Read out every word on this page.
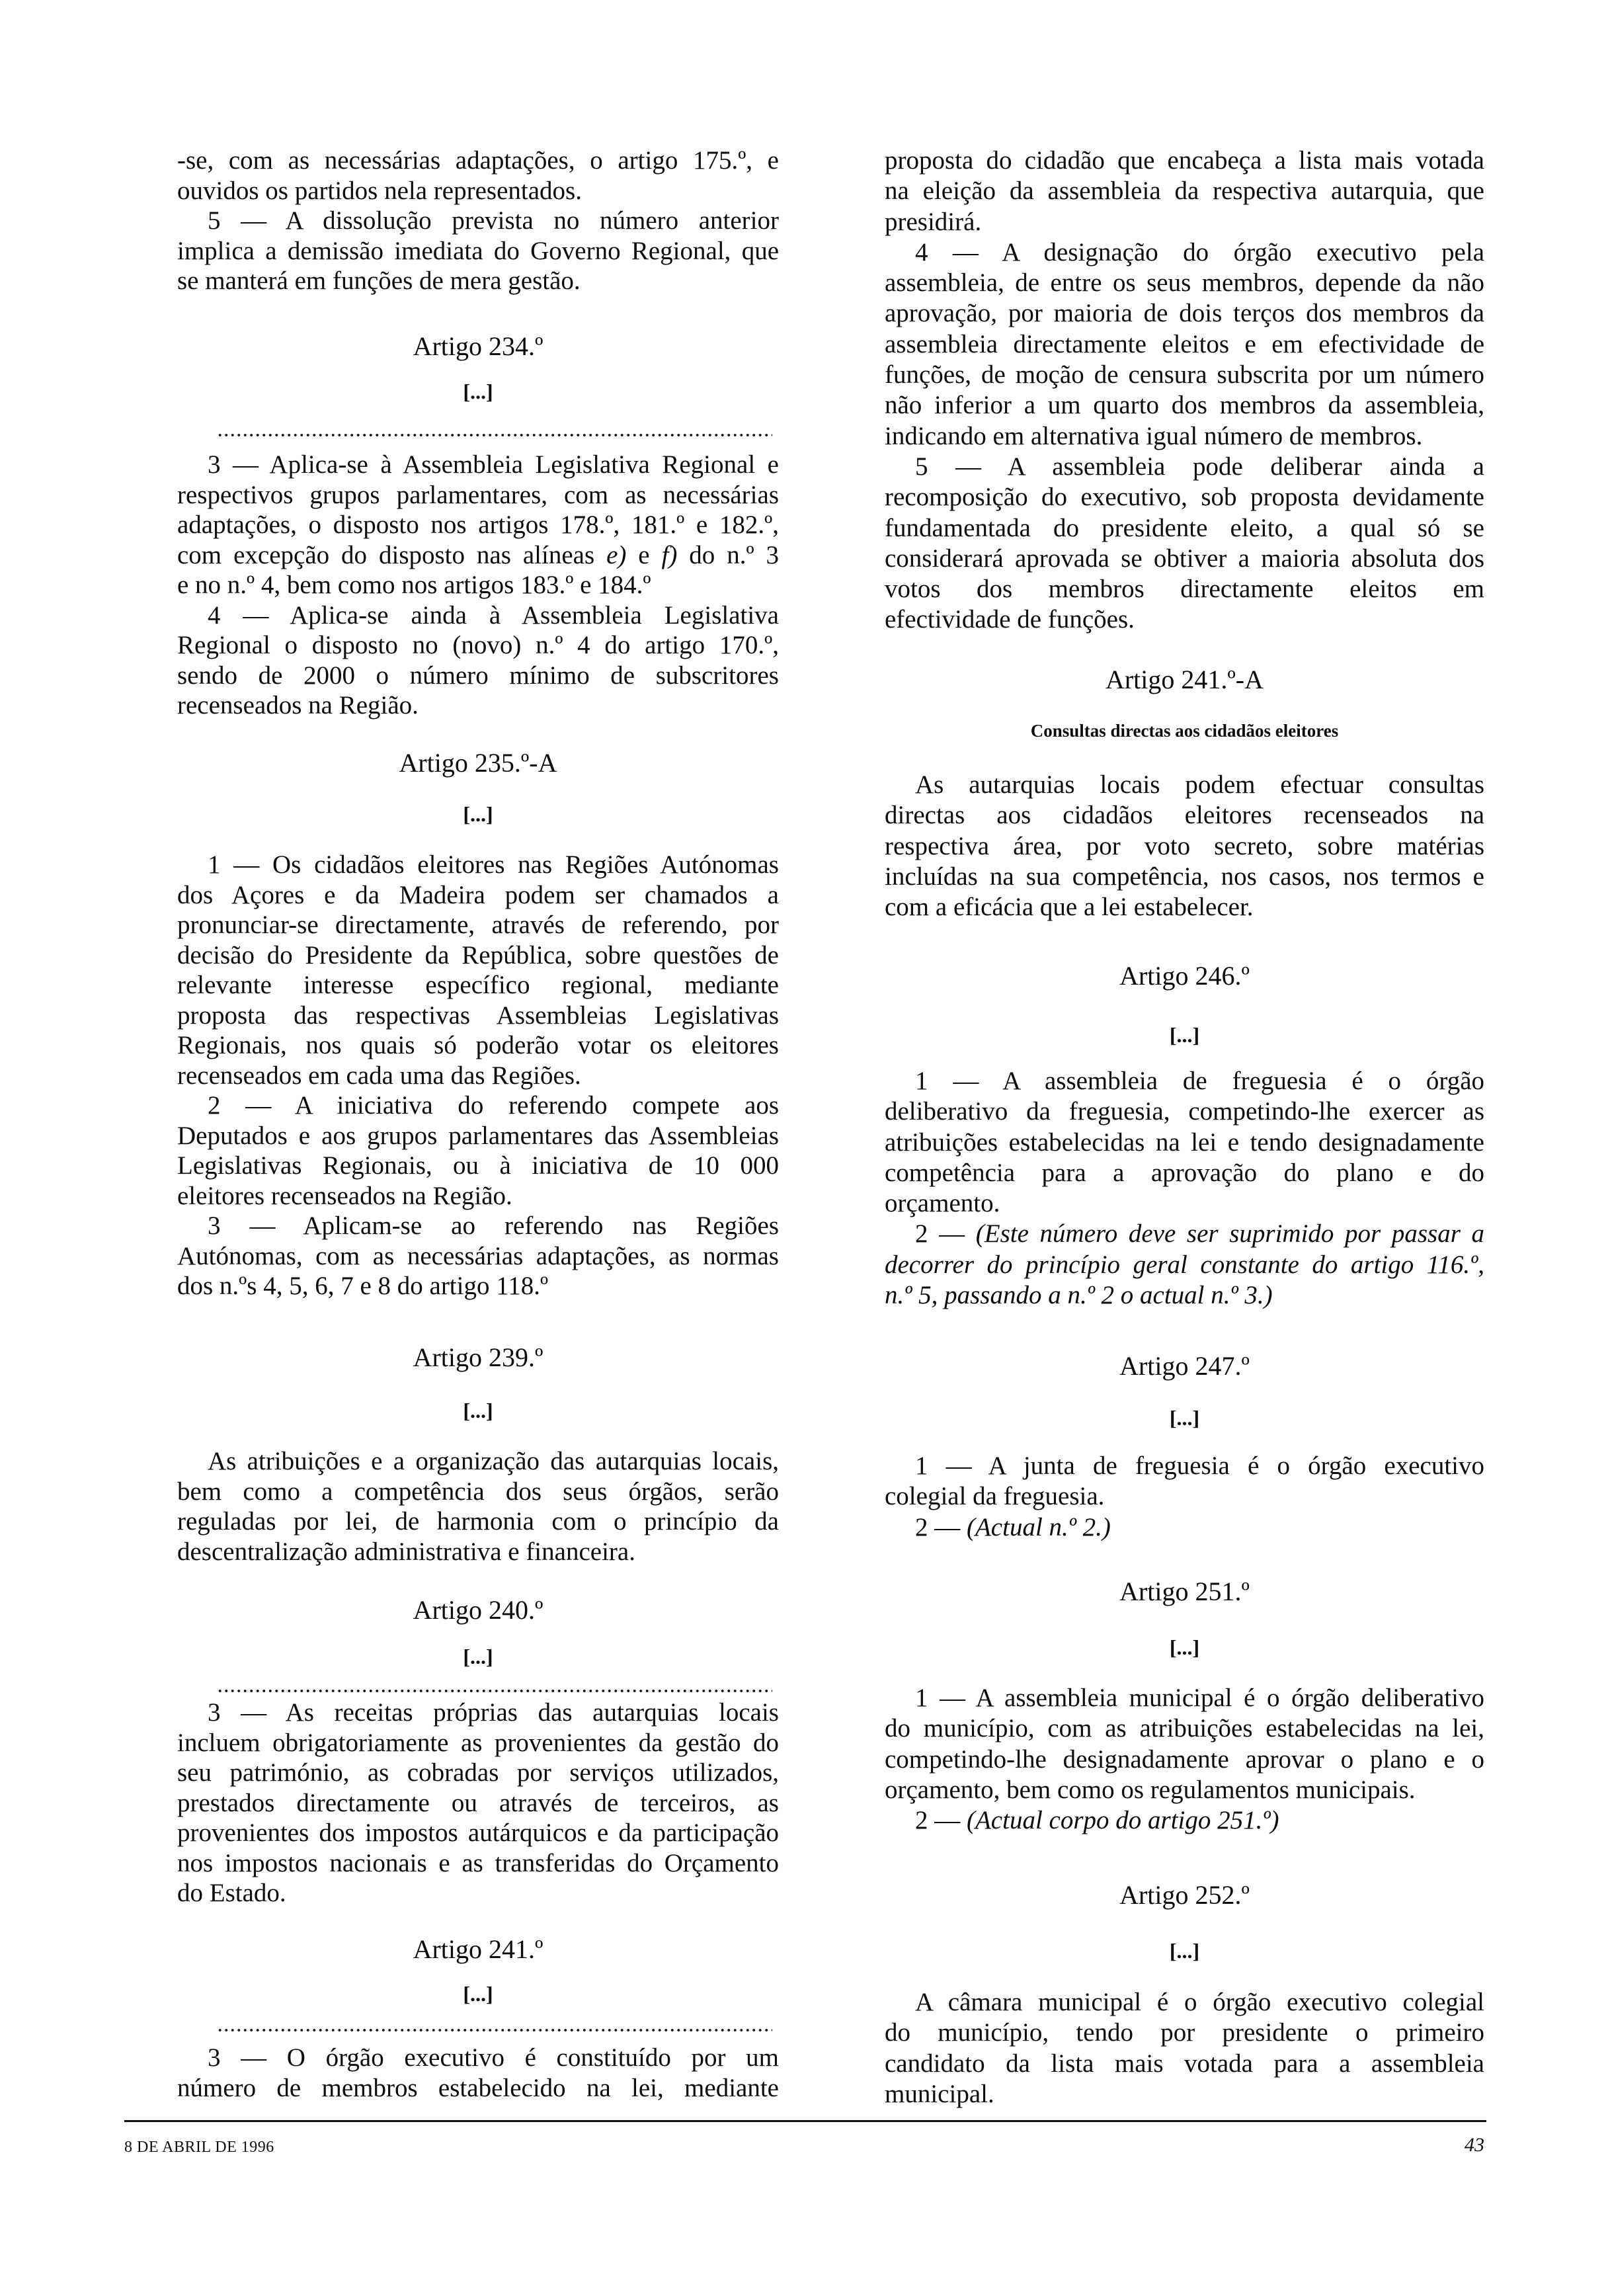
-se, com as necessárias adaptações, o artigo 175.º, e
ouvidos os partidos nela representados.
5 — A dissolução prevista no número anterior
implica a demissão imediata do Governo Regional, que
se manterá em funções de mera gestão.
Artigo 234.º
[...]
3 — Aplica-se à Assembleia Legislativa Regional e
respectivos grupos parlamentares, com as necessárias
adaptações, o disposto nos artigos 178.º, 181.º e 182.º,
com excepção do disposto nas alíneas e) e f) do n.º 3
e no n.º 4, bem como nos artigos 183.º e 184.º
4 — Aplica-se ainda à Assembleia Legislativa
Regional o disposto no (novo) n.º 4 do artigo 170.º,
sendo de 2000 o número mínimo de subscritores
recenseados na Região.
Artigo 235.º-A
[...]
1 — Os cidadãos eleitores nas Regiões Autónomas
dos Açores e da Madeira podem ser chamados a
pronunciar-se directamente, através de referendo, por
decisão do Presidente da República, sobre questões de
relevante interesse específico regional, mediante
proposta das respectivas Assembleias Legislativas
Regionais, nos quais só poderão votar os eleitores
recenseados em cada uma das Regiões.
2 — A iniciativa do referendo compete aos
Deputados e aos grupos parlamentares das Assembleias
Legislativas Regionais, ou à iniciativa de 10 000
eleitores recenseados na Região.
3 — Aplicam-se ao referendo nas Regiões
Autónomas, com as necessárias adaptações, as normas
dos n.ºs 4, 5, 6, 7 e 8 do artigo 118.º
Artigo 239.º
[...]
As atribuições e a organização das autarquias locais,
bem como a competência dos seus órgãos, serão
reguladas por lei, de harmonia com o princípio da
descentralização administrativa e financeira.
Artigo 240.º
[...]
3 — As receitas próprias das autarquias locais
incluem obrigatoriamente as provenientes da gestão do
seu património, as cobradas por serviços utilizados,
prestados directamente ou através de terceiros, as
provenientes dos impostos autárquicos e da participação
nos impostos nacionais e as transferidas do Orçamento
do Estado.
Artigo 241.º
[...]
3 — O órgão executivo é constituído por um
número de membros estabelecido na lei, mediante
proposta do cidadão que encabeça a lista mais votada
na eleição da assembleia da respectiva autarquia, que
presidirá.
4 — A designação do órgão executivo pela
assembleia, de entre os seus membros, depende da não
aprovação, por maioria de dois terços dos membros da
assembleia directamente eleitos e em efectividade de
funções, de moção de censura subscrita por um número
não inferior a um quarto dos membros da assembleia,
indicando em alternativa igual número de membros.
5 — A assembleia pode deliberar ainda a
recomposição do executivo, sob proposta devidamente
fundamentada do presidente eleito, a qual só se
considerará aprovada se obtiver a maioria absoluta dos
votos dos membros directamente eleitos em
efectividade de funções.
Artigo 241.º-A
Consultas directas aos cidadãos eleitores
As autarquias locais podem efectuar consultas
directas aos cidadãos eleitores recenseados na
respectiva área, por voto secreto, sobre matérias
incluídas na sua competência, nos casos, nos termos e
com a eficácia que a lei estabelecer.
Artigo 246.º
[...]
1 — A assembleia de freguesia é o órgão
deliberativo da freguesia, competindo-lhe exercer as
atribuições estabelecidas na lei e tendo designadamente
competência para a aprovação do plano e do
orçamento.
2 — (Este número deve ser suprimido por passar a
decorrer do princípio geral constante do artigo 116.º,
n.º 5, passando a n.º 2 o actual n.º 3.)
Artigo 247.º
[...]
1 — A junta de freguesia é o órgão executivo
colegial da freguesia.
2 — (Actual n.º 2.)
Artigo 251.º
[...]
1 — A assembleia municipal é o órgão deliberativo
do município, com as atribuições estabelecidas na lei,
competindo-lhe designadamente aprovar o plano e o
orçamento, bem como os regulamentos municipais.
2 — (Actual corpo do artigo 251.º)
Artigo 252.º
[...]
A câmara municipal é o órgão executivo colegial
do município, tendo por presidente o primeiro
candidato da lista mais votada para a assembleia
municipal.
8 DE ABRIL DE 1996	43
